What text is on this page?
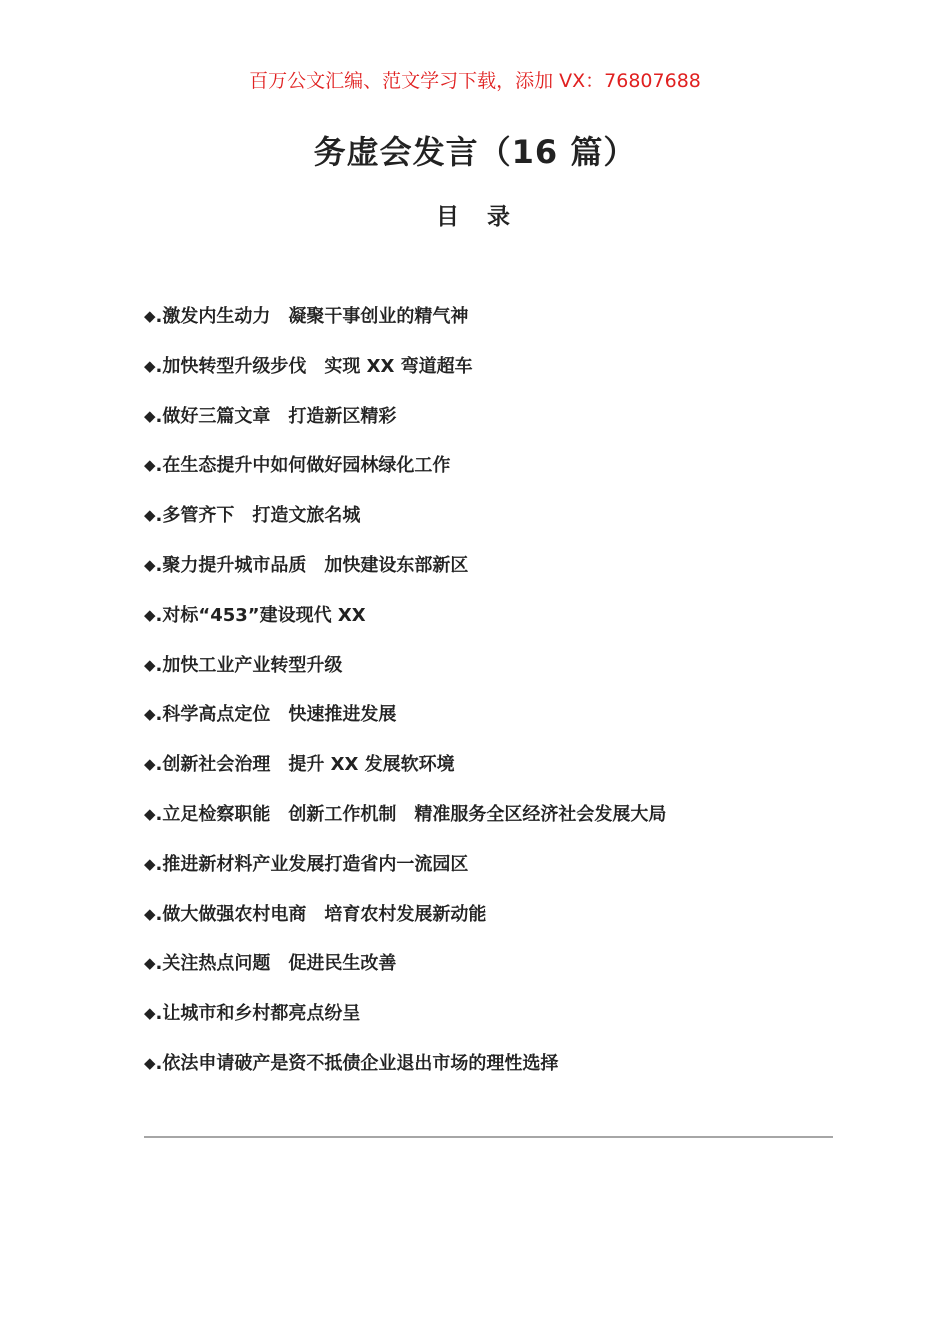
百万公文汇编、范文学习下载，添加 VX：76807688
务虚会发言（16 篇）
目 录
◆.激发内生动力　凝聚干事创业的精气神
◆.加快转型升级步伐　实现 XX 弯道超车
◆.做好三篇文章　打造新区精彩
◆.在生态提升中如何做好园林绿化工作
◆.多管齐下　打造文旅名城
◆.聚力提升城市品质　加快建设东部新区
◆.对标“453”建设现代 XX
◆.加快工业产业转型升级
◆.科学高点定位　快速推进发展
◆.创新社会治理　提升 XX 发展软环境
◆.立足检察职能　创新工作机制　精准服务全区经济社会发展大局
◆.推进新材料产业发展打造省内一流园区
◆.做大做强农村电商　培育农村发展新动能
◆.关注热点问题　促进民生改善
◆.让城市和乡村都亮点纷呈
◆.依法申请破产是资不抵债企业退出市场的理性选择
